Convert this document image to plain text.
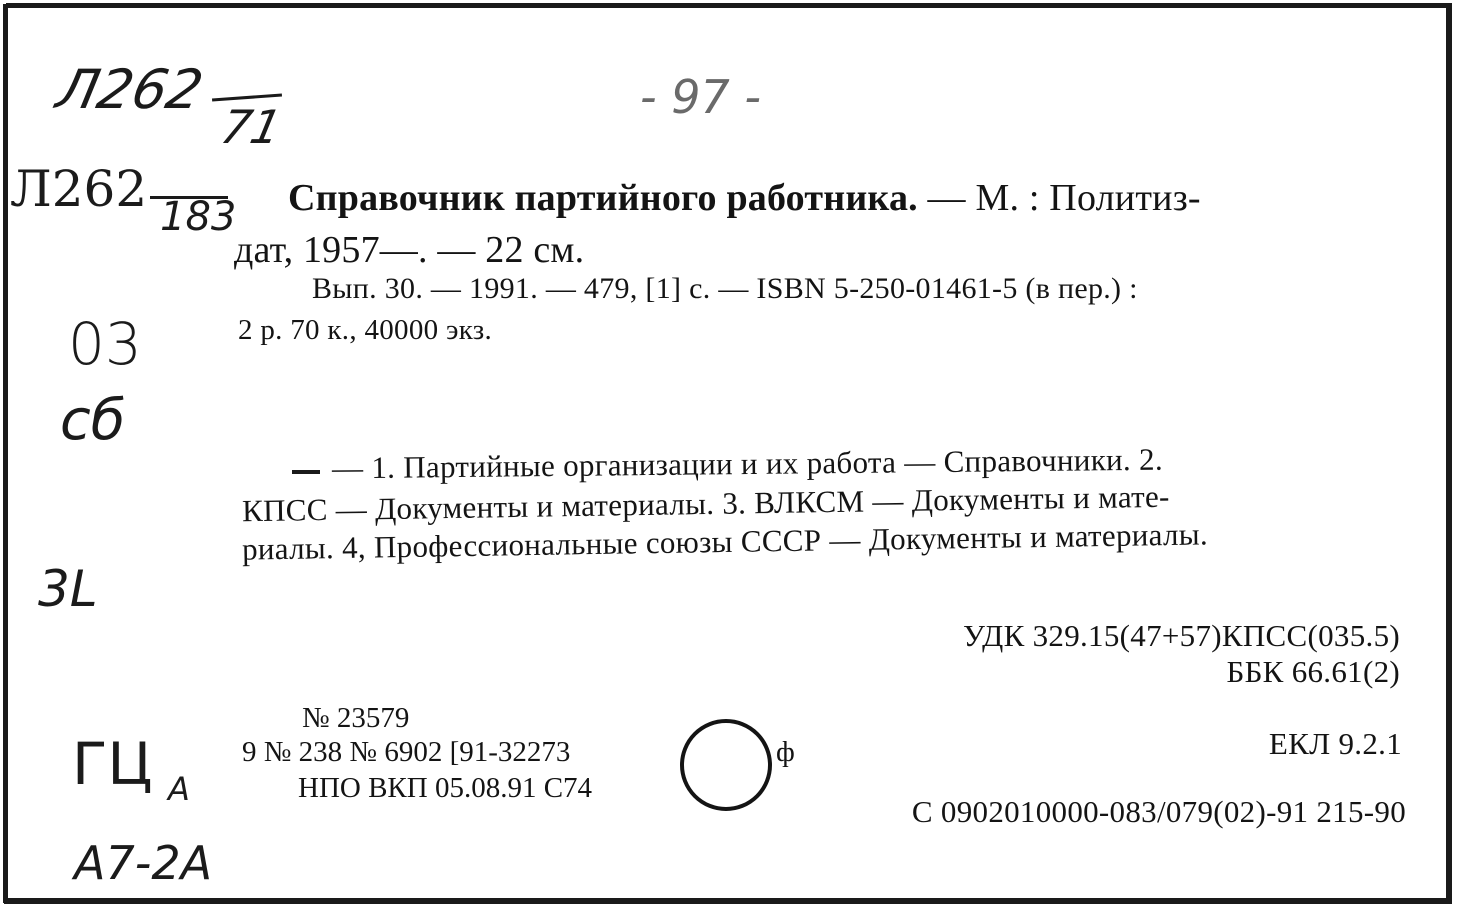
Л262
71
Л262 183
- 97 -
03
сб
3L
ГЦ А
А7-2А
Справочник партийного работника. — М. : Политиз-
дат, 1957—. — 22 см.
Вып. 30. — 1991. — 479, [1] с. — ISBN 5-250-01461-5 (в пер.) :
2 р. 70 к., 40000 экз.
— 1. Партийные организации и их работа — Справочники. 2.
КПСС — Документы и материалы. 3. ВЛКСМ — Документы и мате-
риалы. 4, Профессиональные союзы СССР — Документы и материалы.
УДК 329.15(47+57)КПСС(035.5)
ББК 66.61(2)
ЕКЛ 9.2.1
С 0902010000-083/079(02)-91 215-90
№ 23579
9 № 238 № 6902 [91-32273	ф
НПО ВКП 05.08.91 С74
